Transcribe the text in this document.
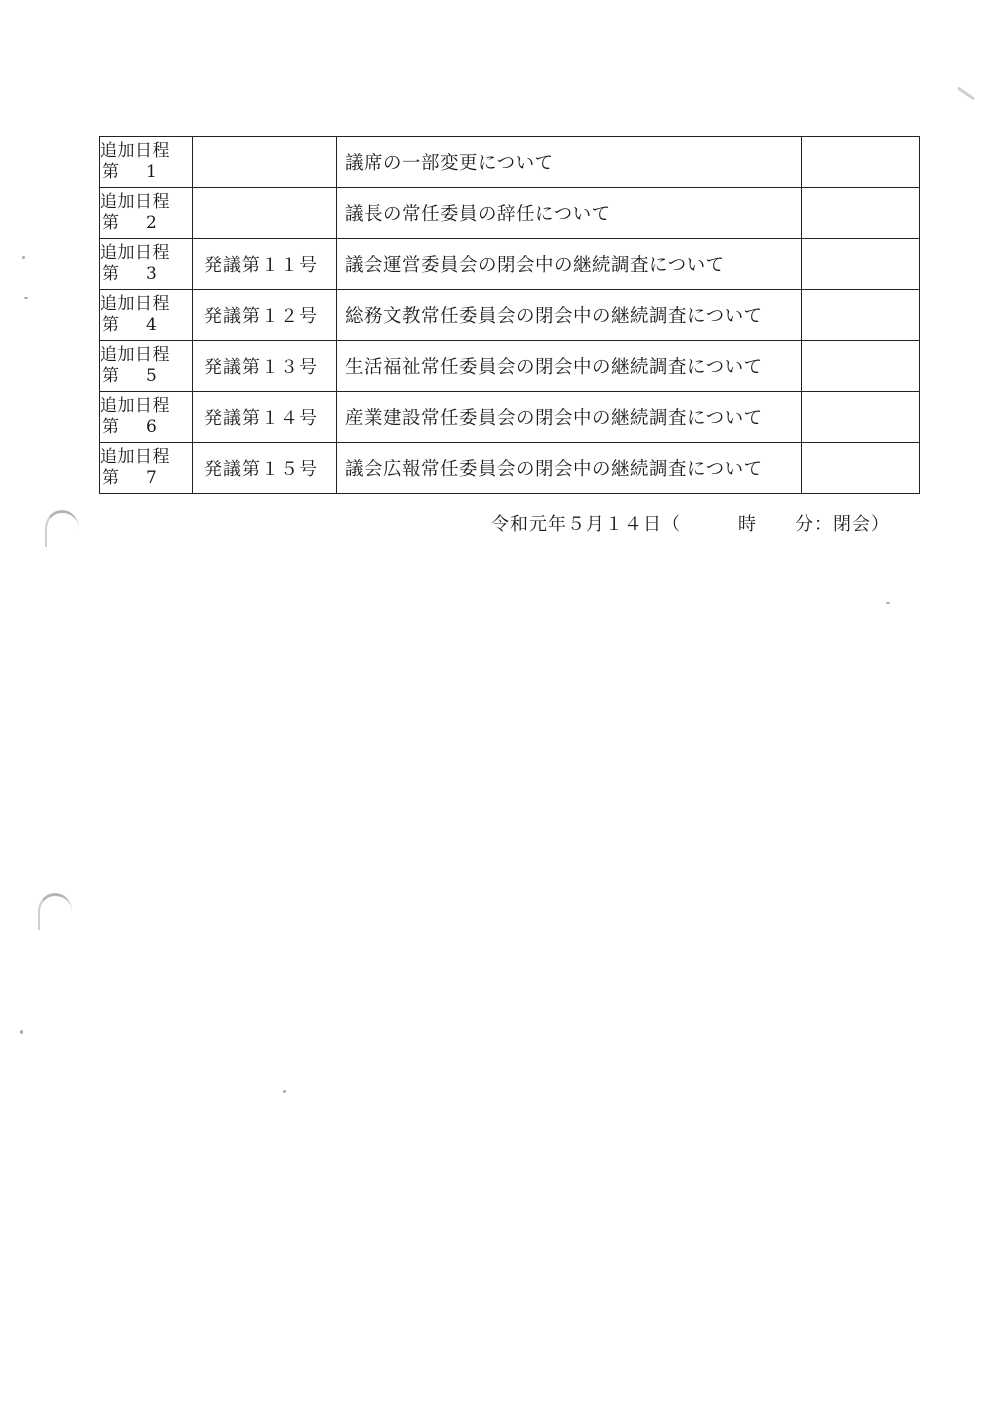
追加日程
第 1		議席の一部変更について	

追加日程
第 2		議長の常任委員の辞任について	

追加日程
第 3	発議第１１号	議会運営委員会の閉会中の継続調査について	

追加日程
第 4	発議第１２号	総務文教常任委員会の閉会中の継続調査について	

追加日程
第 5	発議第１３号	生活福祉常任委員会の閉会中の継続調査について	

追加日程
第 6	発議第１４号	産業建設常任委員会の閉会中の継続調査について	

追加日程
第 7	発議第１５号	議会広報常任委員会の閉会中の継続調査について	
令和元年５月１４日（　　　時　　分：閉会）
